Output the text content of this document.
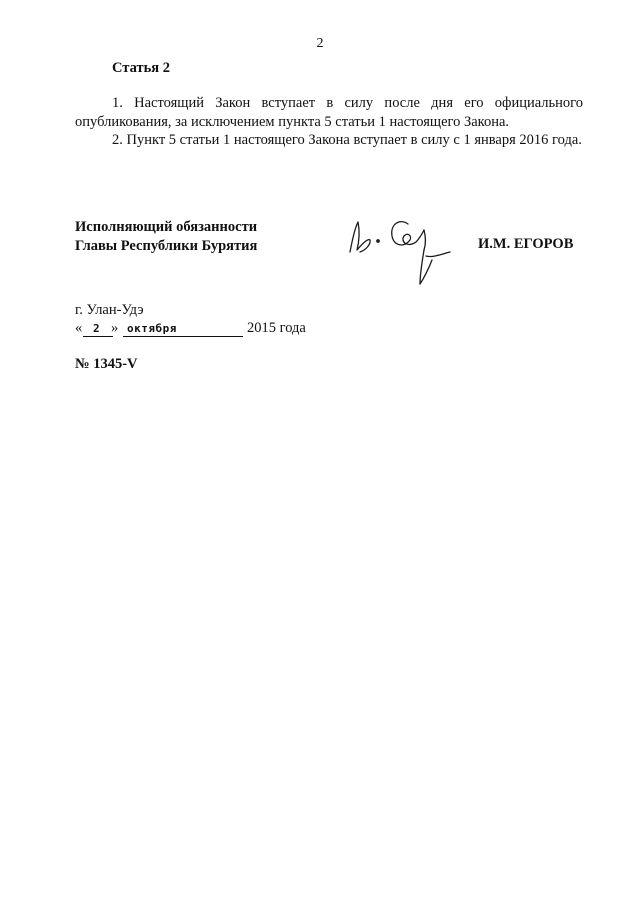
2
Статья 2

1. Настоящий Закон вступает в силу после дня его официального опубликования, за исключением пункта 5 статьи 1 настоящего Закона.

2. Пункт 5 статьи 1 настоящего Закона вступает в силу с 1 января 2016 года.

Исполняющий обязанности
Главы Республики Бурятия	И.М. ЕГОРОВ
г. Улан-Удэ
« 2 » октября	2015 года
№ 1345-V
